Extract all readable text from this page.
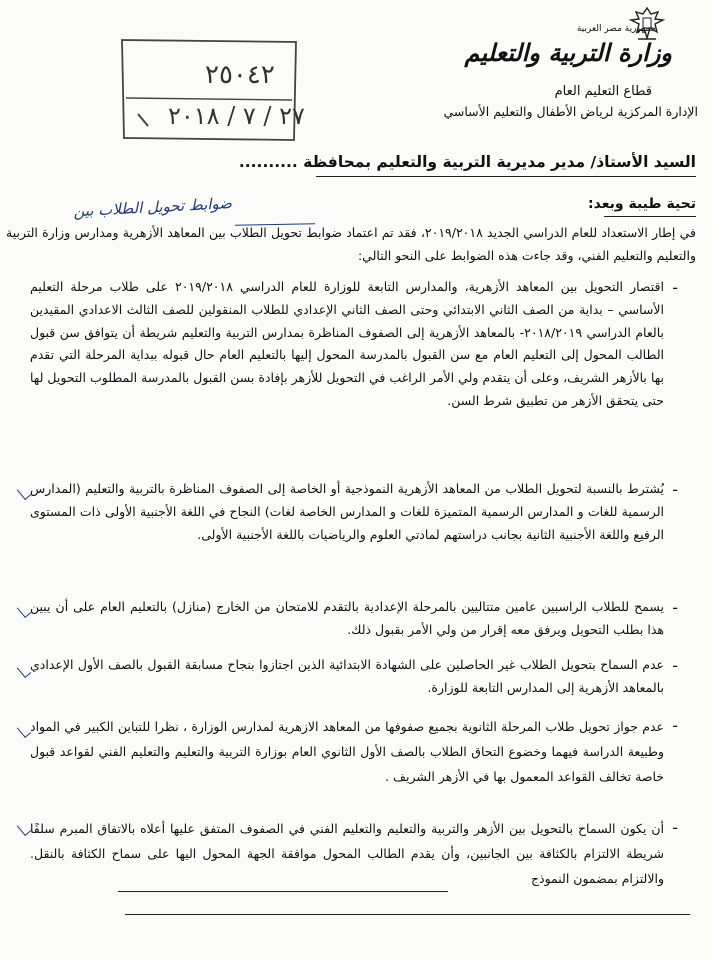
جمهورية مصر العربية
وزارة التربية والتعليم
قطاع التعليم العام
الإدارة المركزية لرياض الأطفال والتعليم الأساسي
٢٥٠٤٢
٢٧ / ٧ / ٢٠١٨
السيد الأستاذ/ مدير مديرية التربية والتعليم بمحافظة ..........
تحية طيبة وبعد:
ضوابط تحويل الطلاب بين
في إطار الاستعداد للعام الدراسي الجديد ٢٠١٩/٢٠١٨، فقد تم اعتماد ضوابط تحويل الطلاب بين المعاهد الأزهرية ومدارس وزارة التربية والتعليم والتعليم الفني، وقد جاءت هذه الضوابط على النحو التالي:
-
اقتصار التحويل بين المعاهد الأزهرية، والمدارس التابعة للوزارة للعام الدراسي ٢٠١٩/٢٠١٨ على طلاب مرحلة التعليم الأساسي – بداية من الصف الثاني الابتدائي وحتى الصف الثاني الإعدادي للطلاب المنقولين للصف الثالث الاعدادي المقيدين بالعام الدراسي ٢٠١٨/٢٠١٩- بالمعاهد الأزهرية إلى الصفوف المناظرة بمدارس التربية والتعليم شريطة أن يتوافق سن قبول الطالب المحول إلى التعليم العام مع سن القبول بالمدرسة المحول إليها بالتعليم العام حال قبوله ببداية المرحلة التي تقدم بها بالأزهر الشريف، وعلى أن يتقدم ولي الأمر الراغب في التحويل للأزهر بإفادة بسن القبول بالمدرسة المطلوب التحويل لها حتى يتحقق الأزهر من تطبيق شرط السن.
-
يُشترط بالنسبة لتحويل الطلاب من المعاهد الأزهرية النموذجية أو الخاصة إلى الصفوف المناظرة بالتربية والتعليم (المدارس الرسمية للغات و المدارس الرسمية المتميزة للغات و المدارس الخاصة لغات) النجاح في اللغة الأجنبية الأولى ذات المستوى الرفيع واللغة الأجنبية الثانية بجانب دراستهم لمادتي العلوم والرياضيات باللغة الأجنبية الأولى.
-
يسمح للطلاب الراسبين عامين متتاليين بالمرحلة الإعدادية بالتقدم للامتحان من الخارج (منازل) بالتعليم العام على أن يبين هذا بطلب التحويل ويرفق معه إقرار من ولي الأمر بقبول ذلك.
-
عدم السماح بتحويل الطلاب غير الحاصلين على الشهادة الابتدائية الذين اجتازوا بنجاح مسابقة القبول بالصف الأول الإعدادي بالمعاهد الأزهرية إلى المدارس التابعة للوزارة.
-
عدم جواز تحويل طلاب المرحلة الثانوية بجميع صفوفها من المعاهد الازهرية لمدارس الوزارة ، نظرا للتباين الكبير في المواد وطبيعة الدراسة فيهما وخضوع التحاق الطلاب بالصف الأول الثانوي العام بوزارة التربية والتعليم والتعليم الفني لقواعد قبول خاصة تخالف القواعد المعمول بها في الأزهر الشريف .
-
أن يكون السماح بالتحويل بين الأزهر والتربية والتعليم والتعليم الفني في الصفوف المتفق عليها أعلاه بالاتفاق المبرم سلفًا شريطة الالتزام بالكثافة بين الجانبين، وأن يقدم الطالب المحول موافقة الجهة المحول اليها على سماح الكثافة بالنقل. والالتزام بمضمون النموذج
